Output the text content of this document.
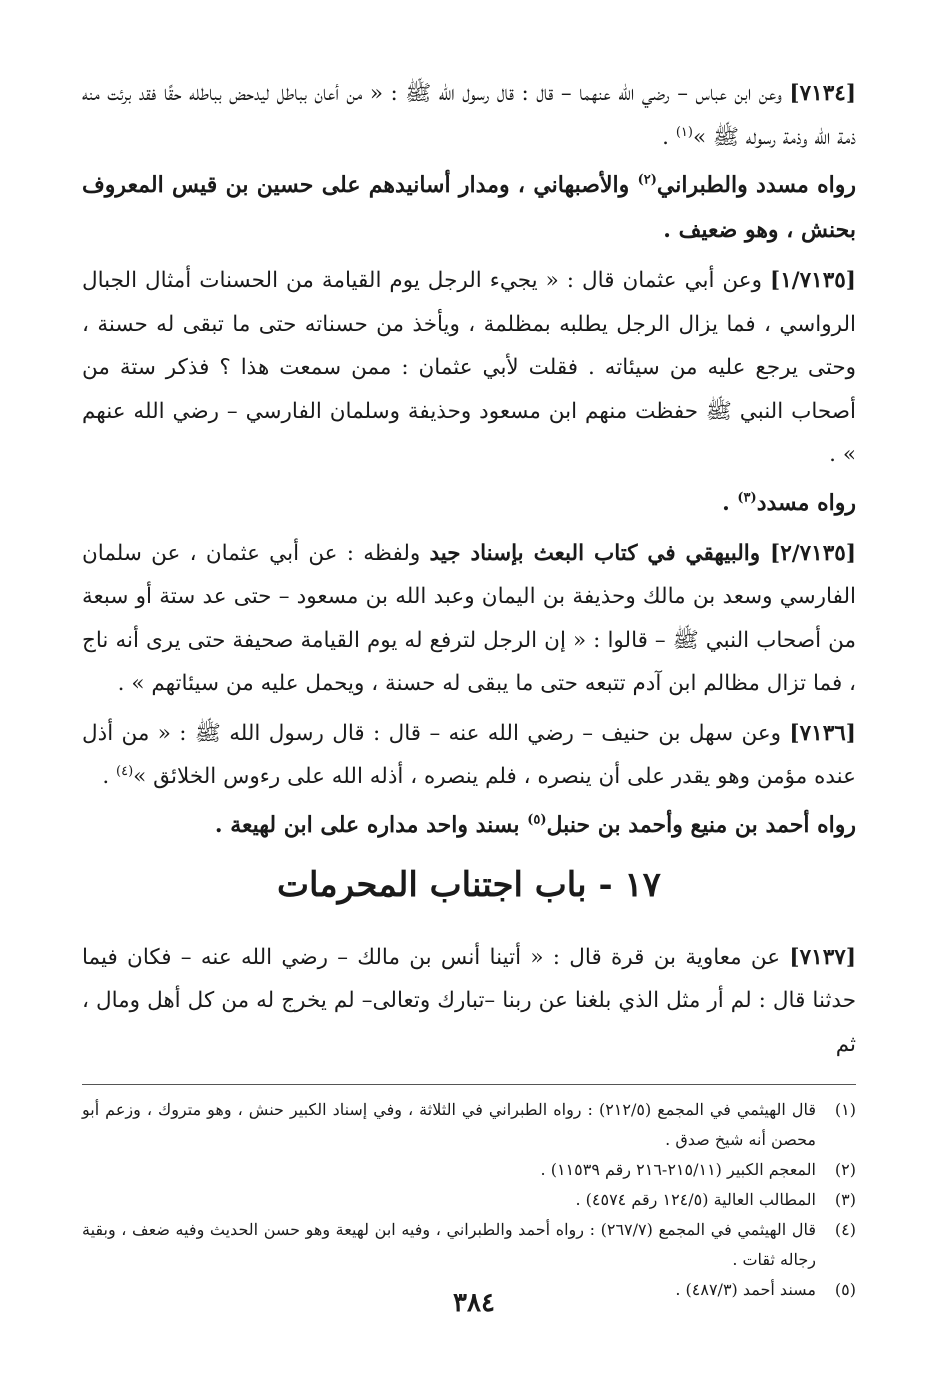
[٧١٣٤] وعن ابن عباس – رضي الله عنهما – قال : قال رسول الله ﷺ : « من أعان بباطل ليدحض بباطله حقًا فقد برئت منه ذمة الله وذمة رسوله ﷺ »$^{(١)}$ .

رواه مسدد والطبراني$^{(٢)}$ والأصبهاني ، ومدار أسانيدهم على حسين بن قيس المعروف بحنش ، وهو ضعيف .

[١/٧١٣٥] وعن أبي عثمان قال : « يجيء الرجل يوم القيامة من الحسنات أمثال الجبال الرواسي ، فما يزال الرجل يطلبه بمظلمة ، ويأخذ من حسناته حتى ما تبقى له حسنة ، وحتى يرجع عليه من سيئاته . فقلت لأبي عثمان : ممن سمعت هذا ؟ فذكر ستة من أصحاب النبي ﷺ حفظت منهم ابن مسعود وحذيفة وسلمان الفارسي – رضي الله عنهم » .

رواه مسدد$^{(٣)}$ .

[٢/٧١٣٥] والبيهقي في كتاب البعث بإسناد جيد ولفظه : عن أبي عثمان ، عن سلمان الفارسي وسعد بن مالك وحذيفة بن اليمان وعبد الله بن مسعود – حتى عد ستة أو سبعة من أصحاب النبي ﷺ – قالوا : « إن الرجل لترفع له يوم القيامة صحيفة حتى يرى أنه ناج ، فما تزال مظالم ابن آدم تتبعه حتى ما يبقى له حسنة ، ويحمل عليه من سيئاتهم » .

[٧١٣٦] وعن سهل بن حنيف – رضي الله عنه – قال : قال رسول الله ﷺ : « من أذل عنده مؤمن وهو يقدر على أن ينصره ، فلم ينصره ، أذله الله على رءوس الخلائق »$^{(٤)}$ .

رواه أحمد بن منيع وأحمد بن حنبل$^{(٥)}$ بسند واحد مداره على ابن لهيعة .

١٧ - باب اجتناب المحرمات

[٧١٣٧] عن معاوية بن قرة قال : « أتينا أنس بن مالك – رضي الله عنه – فكان فيما حدثنا قال : لم أر مثل الذي بلغنا عن ربنا –تبارك وتعالى– لم يخرج له من كل أهل ومال ، ثم

(١)
قال الهيثمي في المجمع (٢١٢/٥) : رواه الطبراني في الثلاثة ، وفي إسناد الكبير حنش ، وهو متروك ، وزعم أبو محصن أنه شيخ صدق .
(٢)
المعجم الكبير (٢١٥/١١-٢١٦ رقم ١١٥٣٩) .
(٣)
المطالب العالية (١٢٤/٥ رقم ٤٥٧٤) .
(٤)
قال الهيثمي في المجمع (٢٦٧/٧) : رواه أحمد والطبراني ، وفيه ابن لهيعة وهو حسن الحديث وفيه ضعف ، وبقية رجاله ثقات .
(٥)
مسند أحمد (٤٨٧/٣) .
٣٨٤
